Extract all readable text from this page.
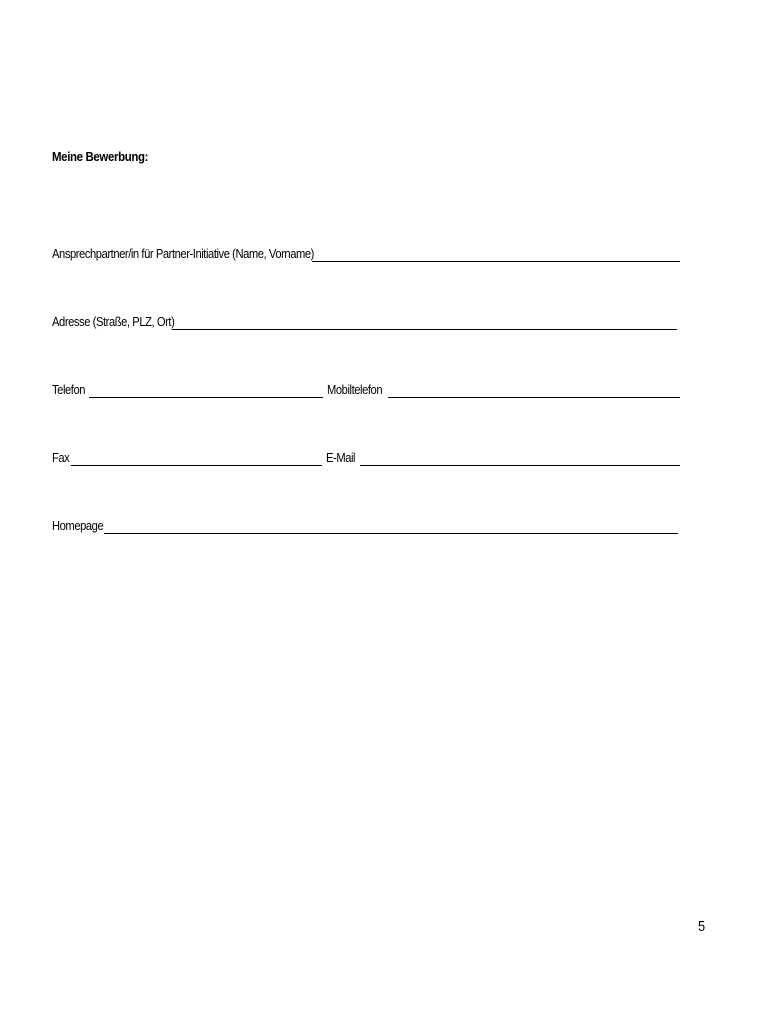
Meine Bewerbung:
Ansprechpartner/in für Partner-Initiative (Name, Vorname)
Adresse (Straße, PLZ, Ort)
Telefon	Mobiltelefon
Fax	E-Mail
Homepage
5
